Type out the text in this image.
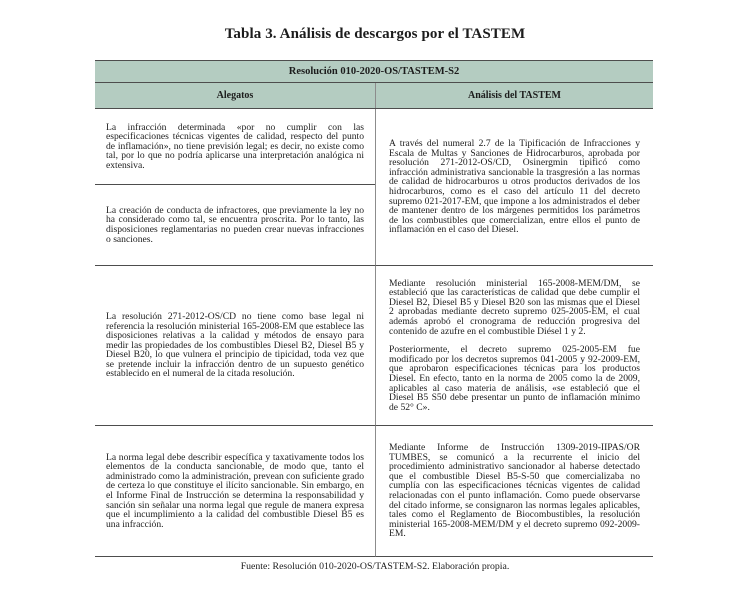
Tabla 3. Análisis de descargos por el TASTEM
Resolución 010-2020-OS/TASTEM-S2
Alegatos	Análisis del TASTEM
La infracción determinada «por no cumplir con las especificaciones técnicas vigentes de calidad, respecto del punto de inflamación», no tiene previsión legal; es decir, no existe como tal, por lo que no podría aplicarse una interpretación analógica ni extensiva.
La creación de conducta de infractores, que previamente la ley no ha considerado como tal, se encuentra proscrita. Por lo tanto, las disposiciones reglamentarias no pueden crear nuevas infracciones o sanciones.

A través del numeral 2.7 de la Tipificación de Infracciones y Escala de Multas y Sanciones de Hidrocarburos, aprobada por resolución 271-2012-OS/CD, Osinergmin tipificó como infracción administrativa sancionable la trasgresión a las normas de calidad de hidrocarburos u otros productos derivados de los hidrocarburos, como es el caso del artículo 11 del decreto supremo 021-2017-EM, que impone a los administrados el deber de mantener dentro de los márgenes permitidos los parámetros de los combustibles que comercializan, entre ellos el punto de inflamación en el caso del Diesel.

La resolución 271-2012-OS/CD no tiene como base legal ni referencia la resolución ministerial 165-2008-EM que establece las disposiciones relativas a la calidad y métodos de ensayo para medir las propiedades de los combustibles Diesel B2, Diesel B5 y Diesel B20, lo que vulnera el principio de tipicidad, toda vez que se pretende incluir la infracción dentro de un supuesto genético establecido en el numeral de la citada resolución.

Mediante resolución ministerial 165-2008-MEM/DM, se estableció que las características de calidad que debe cumplir el Diesel B2, Diesel B5 y Diesel B20 son las mismas que el Diesel 2 aprobadas mediante decreto supremo 025-2005-EM, el cual además aprobó el cronograma de reducción progresiva del contenido de azufre en el combustible Diésel 1 y 2.

Posteriormente, el decreto supremo 025-2005-EM fue modificado por los decretos supremos 041-2005 y 92-2009-EM, que aprobaron especificaciones técnicas para los productos Diesel. En efecto, tanto en la norma de 2005 como la de 2009, aplicables al caso materia de análisis, «se estableció que el Diesel B5 S50 debe presentar un punto de inflamación mínimo de 52° C».

La norma legal debe describir específica y taxativamente todos los elementos de la conducta sancionable, de modo que, tanto el administrado como la administración, prevean con suficiente grado de certeza lo que constituye el ilícito sancionable. Sin embargo, en el Informe Final de Instrucción se determina la responsabilidad y sanción sin señalar una norma legal que regule de manera expresa que el incumplimiento a la calidad del combustible Diesel B5 es una infracción.

Mediante Informe de Instrucción 1309-2019-IIPAS/OR TUMBES, se comunicó a la recurrente el inicio del procedimiento administrativo sancionador al haberse detectado que el combustible Diesel B5-S-50 que comercializaba no cumplía con las especificaciones técnicas vigentes de calidad relacionadas con el punto inflamación. Como puede observarse del citado informe, se consignaron las normas legales aplicables, tales como el Reglamento de Biocombustibles, la resolución ministerial 165-2008-MEM/DM y el decreto supremo 092-2009-EM.

Fuente: Resolución 010-2020-OS/TASTEM-S2. Elaboración propia.
